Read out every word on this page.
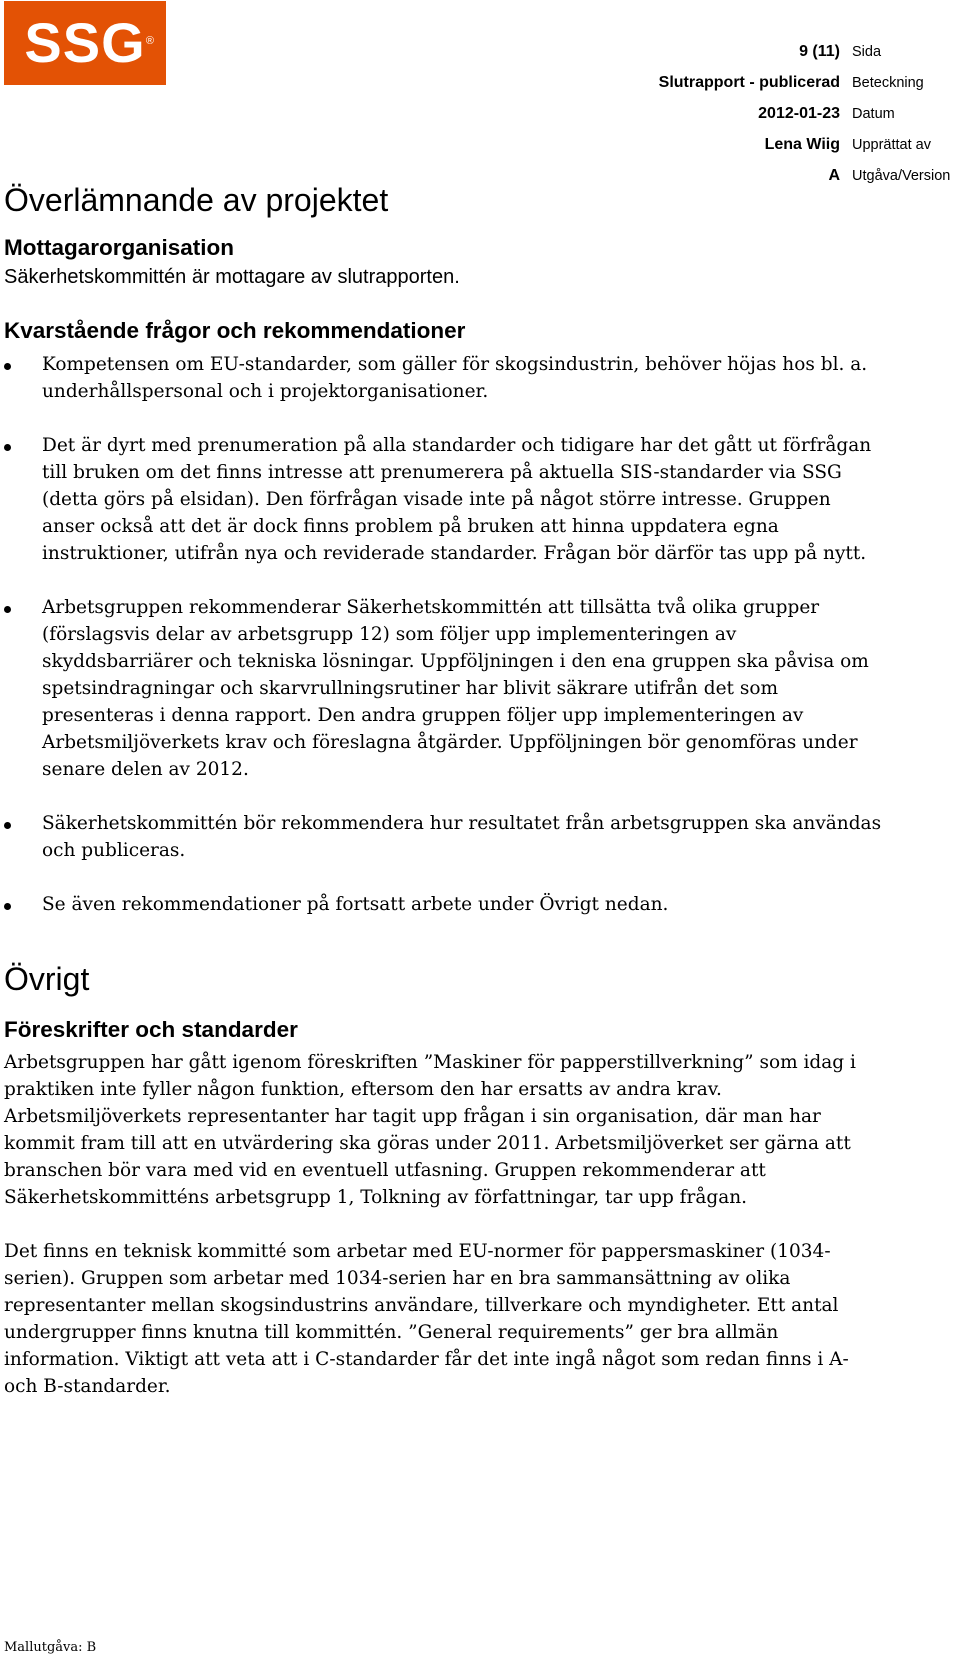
SSG ®
9 (11) Sida
Slutrapport - publicerad Beteckning
2012-01-23 Datum
Lena Wiig Upprättat av
A Utgåva/Version
Överlämnande av projektet
Mottagarorganisation

Säkerhetskommittén är mottagare av slutrapporten.

Kvarstående frågor och rekommendationer
Kompetensen om EU-standarder, som gäller för skogsindustrin, behöver höjas hos bl. a. underhållspersonal och i projektorganisationer.
Det är dyrt med prenumeration på alla standarder och tidigare har det gått ut förfrågan till bruken om det finns intresse att prenumerera på aktuella SIS-standarder via SSG (detta görs på elsidan). Den förfrågan visade inte på något större intresse. Gruppen anser också att det är dock finns problem på bruken att hinna uppdatera egna instruktioner, utifrån nya och reviderade standarder. Frågan bör därför tas upp på nytt.
Arbetsgruppen rekommenderar Säkerhetskommittén att tillsätta två olika grupper (förslagsvis delar av arbetsgrupp 12) som följer upp implementeringen av skyddsbarriärer och tekniska lösningar. Uppföljningen i den ena gruppen ska påvisa om spetsindragningar och skarvrullningsrutiner har blivit säkrare utifrån det som presenteras i denna rapport. Den andra gruppen följer upp implementeringen av Arbetsmiljöverkets krav och föreslagna åtgärder. Uppföljningen bör genomföras under senare delen av 2012.
Säkerhetskommittén bör rekommendera hur resultatet från arbetsgruppen ska användas och publiceras.
Se även rekommendationer på fortsatt arbete under Övrigt nedan.
Övrigt
Föreskrifter och standarder

Arbetsgruppen har gått igenom föreskriften ”Maskiner för papperstillverkning” som idag i praktiken inte fyller någon funktion, eftersom den har ersatts av andra krav. Arbetsmiljöverkets representanter har tagit upp frågan i sin organisation, där man har kommit fram till att en utvärdering ska göras under 2011. Arbetsmiljöverket ser gärna att branschen bör vara med vid en eventuell utfasning. Gruppen rekommenderar att Säkerhetskommitténs arbetsgrupp 1, Tolkning av författningar, tar upp frågan.

Det finns en teknisk kommitté som arbetar med EU-normer för pappersmaskiner (1034-serien). Gruppen som arbetar med 1034-serien har en bra sammansättning av olika representanter mellan skogsindustrins användare, tillverkare och myndigheter. Ett antal undergrupper finns knutna till kommittén. ”General requirements” ger bra allmän information. Viktigt att veta att i C-standarder får det inte ingå något som redan finns i A- och B-standarder.

Mallutgåva: B
